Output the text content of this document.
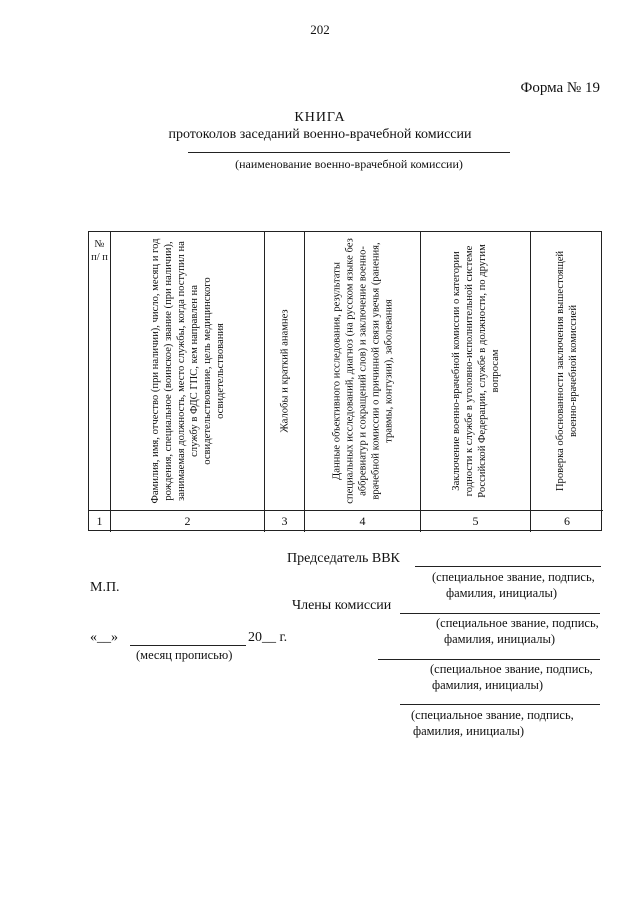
202
Форма № 19
КНИГА
протоколов заседаний военно-врачебной комиссии
(наименование военно-врачебной комиссии)
№ п/ п
1
Фамилия, имя, отчество (при наличии), число, месяц и год рождения, специальное (воинское) звание (при наличии), занимаемая должность, место службы, когда поступил на службу в ФДС ГПС, кем направлен на освидетельствование, цель медицинского освидетельствования
2
Жалобы и краткий анамнез
3
Данные объективного исследования, результаты специальных исследований, диагноз (на русском языке без аббревиатур и сокращений слов) и заключение военно-врачебной комиссии о причинной связи увечья (ранения, травмы, контузии), заболевания
4
Заключение военно-врачебной комиссии о категории годности к службе в уголовно-исполнительной системе Российской Федерации, службе в должности, по другим вопросам
5
Проверка обоснованности заключения вышестоящей военно-врачебной комиссией
6
Председатель ВВК
(специальное звание, подпись,
фамилия, инициалы)
М.П.
Члены комиссии
(специальное звание, подпись,
фамилия, инициалы)
«__»	20__ г.
(месяц прописью)
(специальное звание, подпись,
фамилия, инициалы)
(специальное звание, подпись,
фамилия, инициалы)
